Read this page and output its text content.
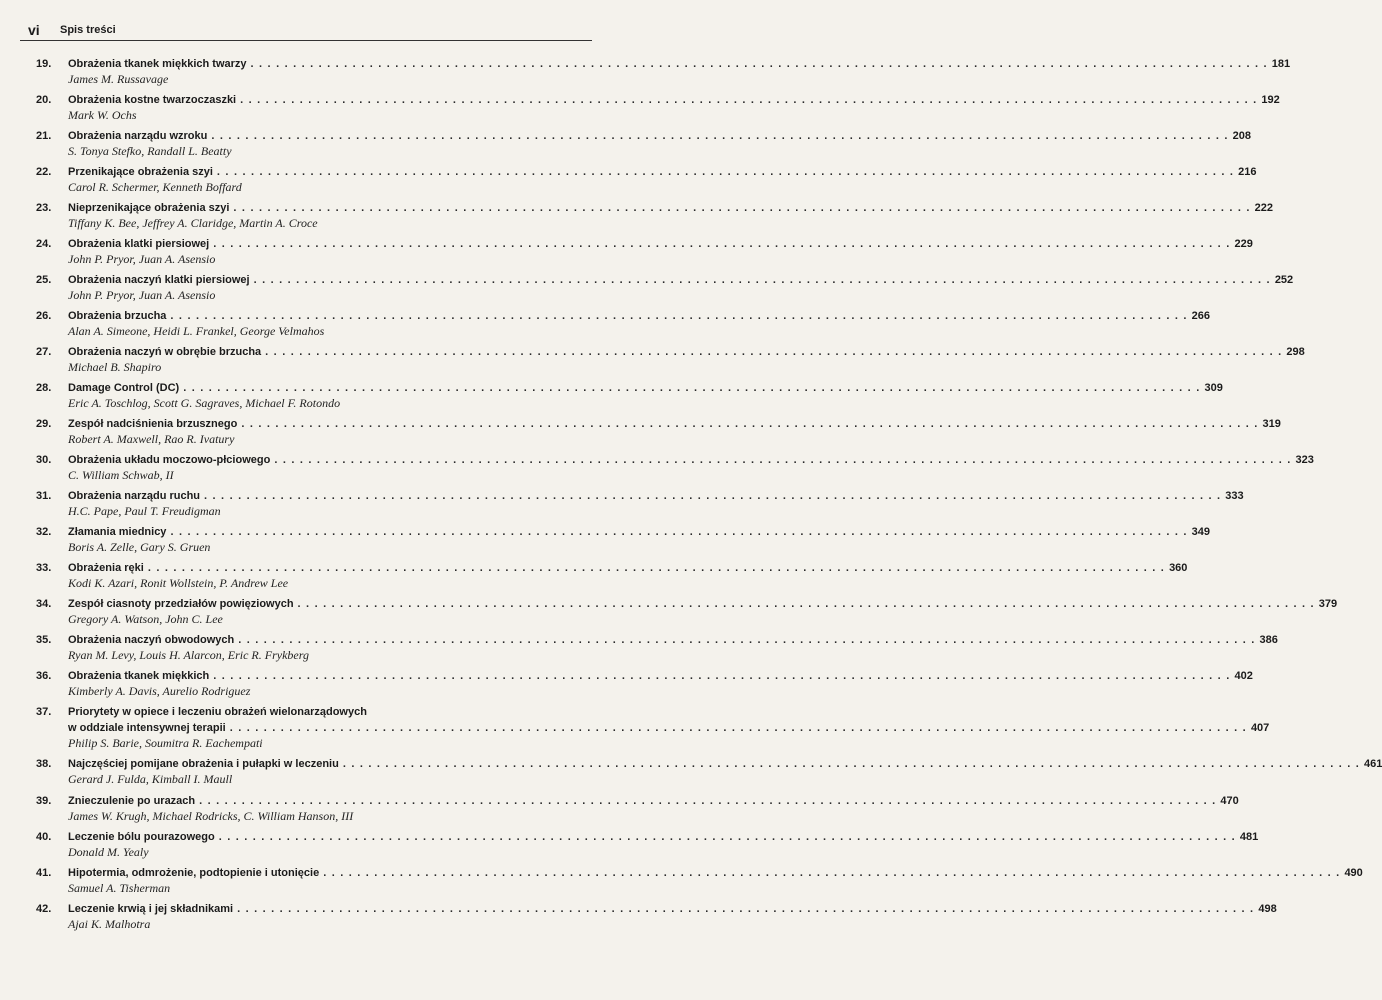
vi Spis treści
19. Obrażenia tkanek miękkich twarzy . . . . . . . . . . . . . . . . . . . . . . . . . . . . . . . . . . . . . . . . . . . . . . . . . . . . . . . . . . . . . . . . . . . . . . . . . . . . . . . . . . . . . . . . . . . . . . . . . . . . . . . . . . . . . . . . . . . . . . . . 181
James M. Russavage
20. Obrażenia kostne twarzoczaszki . . . . . . . . . . . . . . . . . . . . . . . . . . . . . . . . . . . . . . . . . . . . . . . . . . . . . . . . . . . . . . . . . . . . . . . . . . . . . . . . . . . . . . . . . . . . . . . . . . . . . . . . . . . . . . . . . . . . . . . . 192
Mark W. Ochs
21. Obrażenia narządu wzroku . . . . . . . . . . . . . . . . . . . . . . . . . . . . . . . . . . . . . . . . . . . . . . . . . . . . . . . . . . . . . . . . . . . . . . . . . . . . . . . . . . . . . . . . . . . . . . . . . . . . . . . . . . . . . . . . . . . . . . . . 208
S. Tonya Stefko, Randall L. Beatty
22. Przenikające obrażenia szyi . . . . . . . . . . . . . . . . . . . . . . . . . . . . . . . . . . . . . . . . . . . . . . . . . . . . . . . . . . . . . . . . . . . . . . . . . . . . . . . . . . . . . . . . . . . . . . . . . . . . . . . . . . . . . . . . . . . . . . . . 216
Carol R. Schermer, Kenneth Boffard
23. Nieprzenikające obrażenia szyi . . . . . . . . . . . . . . . . . . . . . . . . . . . . . . . . . . . . . . . . . . . . . . . . . . . . . . . . . . . . . . . . . . . . . . . . . . . . . . . . . . . . . . . . . . . . . . . . . . . . . . . . . . . . . . . . . . . . . . . . 222
Tiffany K. Bee, Jeffrey A. Claridge, Martin A. Croce
24. Obrażenia klatki piersiowej . . . . . . . . . . . . . . . . . . . . . . . . . . . . . . . . . . . . . . . . . . . . . . . . . . . . . . . . . . . . . . . . . . . . . . . . . . . . . . . . . . . . . . . . . . . . . . . . . . . . . . . . . . . . . . . . . . . . . . . . 229
John P. Pryor, Juan A. Asensio
25. Obrażenia naczyń klatki piersiowej . . . . . . . . . . . . . . . . . . . . . . . . . . . . . . . . . . . . . . . . . . . . . . . . . . . . . . . . . . . . . . . . . . . . . . . . . . . . . . . . . . . . . . . . . . . . . . . . . . . . . . . . . . . . . . . . . . . . . . . . 252
John P. Pryor, Juan A. Asensio
26. Obrażenia brzucha . . . . . . . . . . . . . . . . . . . . . . . . . . . . . . . . . . . . . . . . . . . . . . . . . . . . . . . . . . . . . . . . . . . . . . . . . . . . . . . . . . . . . . . . . . . . . . . . . . . . . . . . . . . . . . . . . . . . . . . . 266
Alan A. Simeone, Heidi L. Frankel, George Velmahos
27. Obrażenia naczyń w obrębie brzucha . . . . . . . . . . . . . . . . . . . . . . . . . . . . . . . . . . . . . . . . . . . . . . . . . . . . . . . . . . . . . . . . . . . . . . . . . . . . . . . . . . . . . . . . . . . . . . . . . . . . . . . . . . . . . . . . . . . . . . . . 298
Michael B. Shapiro
28. Damage Control (DC) . . . . . . . . . . . . . . . . . . . . . . . . . . . . . . . . . . . . . . . . . . . . . . . . . . . . . . . . . . . . . . . . . . . . . . . . . . . . . . . . . . . . . . . . . . . . . . . . . . . . . . . . . . . . . . . . . . . . . . . . 309
Eric A. Toschlog, Scott G. Sagraves, Michael F. Rotondo
29. Zespół nadciśnienia brzusznego . . . . . . . . . . . . . . . . . . . . . . . . . . . . . . . . . . . . . . . . . . . . . . . . . . . . . . . . . . . . . . . . . . . . . . . . . . . . . . . . . . . . . . . . . . . . . . . . . . . . . . . . . . . . . . . . . . . . . . . . 319
Robert A. Maxwell, Rao R. Ivatury
30. Obrażenia układu moczowo-płciowego . . . . . . . . . . . . . . . . . . . . . . . . . . . . . . . . . . . . . . . . . . . . . . . . . . . . . . . . . . . . . . . . . . . . . . . . . . . . . . . . . . . . . . . . . . . . . . . . . . . . . . . . . . . . . . . . . . . . . . . . 323
C. William Schwab, II
31. Obrażenia narządu ruchu . . . . . . . . . . . . . . . . . . . . . . . . . . . . . . . . . . . . . . . . . . . . . . . . . . . . . . . . . . . . . . . . . . . . . . . . . . . . . . . . . . . . . . . . . . . . . . . . . . . . . . . . . . . . . . . . . . . . . . . . 333
H.C. Pape, Paul T. Freudigman
32. Złamania miednicy . . . . . . . . . . . . . . . . . . . . . . . . . . . . . . . . . . . . . . . . . . . . . . . . . . . . . . . . . . . . . . . . . . . . . . . . . . . . . . . . . . . . . . . . . . . . . . . . . . . . . . . . . . . . . . . . . . . . . . . . 349
Boris A. Zelle, Gary S. Gruen
33. Obrażenia ręki . . . . . . . . . . . . . . . . . . . . . . . . . . . . . . . . . . . . . . . . . . . . . . . . . . . . . . . . . . . . . . . . . . . . . . . . . . . . . . . . . . . . . . . . . . . . . . . . . . . . . . . . . . . . . . . . . . . . . . . . 360
Kodi K. Azari, Ronit Wollstein, P. Andrew Lee
34. Zespół ciasnoty przedziałów powięziowych . . . . . . . . . . . . . . . . . . . . . . . . . . . . . . . . . . . . . . . . . . . . . . . . . . . . . . . . . . . . . . . . . . . . . . . . . . . . . . . . . . . . . . . . . . . . . . . . . . . . . . . . . . . . . . . . . . . . . . . . 379
Gregory A. Watson, John C. Lee
35. Obrażenia naczyń obwodowych . . . . . . . . . . . . . . . . . . . . . . . . . . . . . . . . . . . . . . . . . . . . . . . . . . . . . . . . . . . . . . . . . . . . . . . . . . . . . . . . . . . . . . . . . . . . . . . . . . . . . . . . . . . . . . . . . . . . . . . . 386
Ryan M. Levy, Louis H. Alarcon, Eric R. Frykberg
36. Obrażenia tkanek miękkich . . . . . . . . . . . . . . . . . . . . . . . . . . . . . . . . . . . . . . . . . . . . . . . . . . . . . . . . . . . . . . . . . . . . . . . . . . . . . . . . . . . . . . . . . . . . . . . . . . . . . . . . . . . . . . . . . . . . . . . . 402
Kimberly A. Davis, Aurelio Rodriguez
37. Priorytety w opiece i leczeniu obrażeń wielonarządowych
w oddziale intensywnej terapii . . . . . . . . . . . . . . . . . . . . . . . . . . . . . . . . . . . . . . . . . . . . . . . . . . . . . . . . . . . . . . . . . . . . . . . . . . . . . . . . . . . . . . . . . . . . . . . . . . . . . . . . . . . . . . . . . . . . . . . . 407
Philip S. Barie, Soumitra R. Eachempati
38. Najczęściej pomijane obrażenia i pułapki w leczeniu . . . . . . . . . . . . . . . . . . . . . . . . . . . . . . . . . . . . . . . . . . . . . . . . . . . . . . . . . . . . . . . . . . . . . . . . . . . . . . . . . . . . . . . . . . . . . . . . . . . . . . . . . . . . . . . . . . . . . . . . 461
Gerard J. Fulda, Kimball I. Maull
39. Znieczulenie po urazach . . . . . . . . . . . . . . . . . . . . . . . . . . . . . . . . . . . . . . . . . . . . . . . . . . . . . . . . . . . . . . . . . . . . . . . . . . . . . . . . . . . . . . . . . . . . . . . . . . . . . . . . . . . . . . . . . . . . . . . . 470
James W. Krugh, Michael Rodricks, C. William Hanson, III
40. Leczenie bólu pourazowego . . . . . . . . . . . . . . . . . . . . . . . . . . . . . . . . . . . . . . . . . . . . . . . . . . . . . . . . . . . . . . . . . . . . . . . . . . . . . . . . . . . . . . . . . . . . . . . . . . . . . . . . . . . . . . . . . . . . . . . . 481
Donald M. Yealy
41. Hipotermia, odmrożenie, podtopienie i utonięcie . . . . . . . . . . . . . . . . . . . . . . . . . . . . . . . . . . . . . . . . . . . . . . . . . . . . . . . . . . . . . . . . . . . . . . . . . . . . . . . . . . . . . . . . . . . . . . . . . . . . . . . . . . . . . . . . . . . . . . . . 490
Samuel A. Tisherman
42. Leczenie krwią i jej składnikami . . . . . . . . . . . . . . . . . . . . . . . . . . . . . . . . . . . . . . . . . . . . . . . . . . . . . . . . . . . . . . . . . . . . . . . . . . . . . . . . . . . . . . . . . . . . . . . . . . . . . . . . . . . . . . . . . . . . . . . . 498
Ajai K. Malhotra
